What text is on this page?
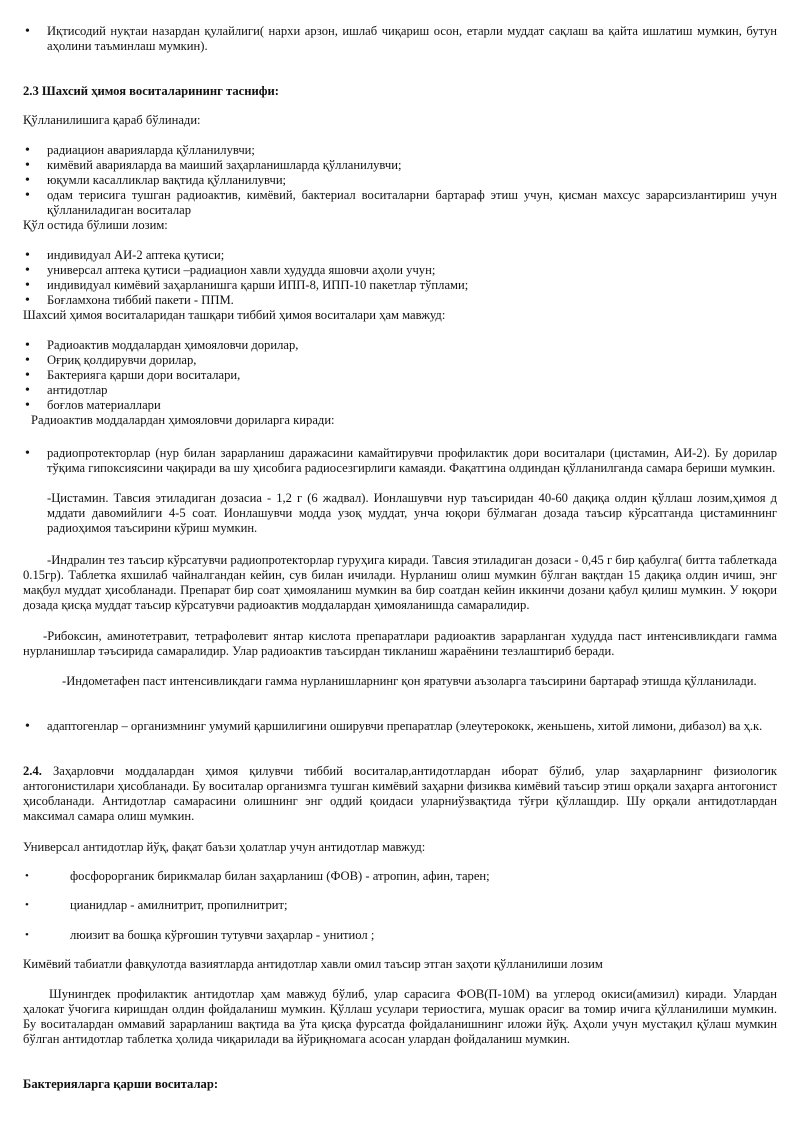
• Иқтисодий нуқтаи назардан қулайлиги( нархи арзон, ишлаб чиқариш осон, етарли муддат сақлаш ва қайта ишлатиш мумкин, бутун аҳолини таъминлаш мумкин).

2.3 Шахсий ҳимоя воситаларининг таснифи:
Қўлланилишига қараб бўлинади:

• радиацион аварияларда қўлланилувчи;

• кимёвий аварияларда ва маиший заҳарланишларда қўлланилувчи;

• юқумли касалликлар вақтида қўлланилувчи;

• одам терисига тушган радиоактив, кимёвий, бактериал воситаларни бартараф этиш учун, қисман махсус зарарсизлантириш учун қўлланиладиган воситалар

Қўл остида бўлиши лозим:

• индивидуал АИ-2 аптека қутиси;

• универсал аптека қутиси –радиацион хавли худудда яшовчи аҳоли учун;

• индивидуал кимёвий заҳарланишга қарши ИПП-8, ИПП-10 пакетлар тўплами;

• Боғламхона тиббий пакети - ППМ.

Шахсий ҳимоя воситаларидан ташқари тиббий ҳимоя воситалари ҳам мавжуд:

• Радиоактив моддалардан ҳимояловчи дорилар,

• Оғриқ қолдирувчи дорилар,

• Бактерияга қарши дори воситалари,

• антидотлар

• боғлов материаллари

Радиоактив моддалардан ҳимояловчи дориларга киради:

• радиопротекторлар (нур билан зарарланиш даражасини камайтирувчи профилактик дори воситалари (цистамин, АИ-2). Бу дорилар тўқима гипоксиясини чақиради ва шу ҳисобига радиосезгирлиги камаяди. Фақатгина олдиндан қўлланилганда самара бериши мумкин.

-Цистамин. Тавсия этиладиган дозасиа - 1,2 г (6 жадвал). Ионлашувчи нур таъсиридан 40-60 дақиқа олдин қўллаш лозим,ҳимоя д мддати давомийлиги 4-5 соат. Ионлашувчи модда узоқ муддат, унча юқори бўлмаган дозада таъсир кўрсатганда цистаминнинг радиоҳимоя таъсирини кўриш мумкин.

-Индралин тез таъсир кўрсатувчи радиопротекторлар гуруҳига киради. Тавсия этиладиган дозаси - 0,45 г бир қабулга( битта таблеткада 0.15гр). Таблетка яхшилаб чайналгандан кейин, сув билан ичилади. Нурланиш олиш мумкин бўлган вақтдан 15 дақиқа олдин ичиш, энг мақбул муддат ҳисобланади. Препарат бир соат ҳимояланиш мумкин ва бир соатдан кейин иккинчи дозани қабул қилиш мумкин. У юқори дозада қисқа муддат таъсир кўрсатувчи радиоактив моддалардан ҳимояланишда самаралидир.

-Рибоксин, аминотетравит, тетрафолевит янтар кислота препаратлари радиоактив зарарланган худудда паст интенсивликдаги гамма нурланишлар тәъсирида самаралидир. Улар радиоактив таъсирдан тикланиш жараёнини тезлаштириб беради.

-Индометафен паст интенсивликдаги гамма нурланишларнинг қон яратувчи аъзоларга таъсирини бартараф этишда қўлланилади.

• адаптогенлар – организмнинг умумий қаршилигини оширувчи препаратлар (элеутерококк, женьшень, хитой лимони, дибазол) ва ҳ.к.

2.4. Заҳарловчи моддалардан ҳимоя қилувчи тиббий воситалар,антидотлардан иборат бўлиб, улар заҳарларнинг физиологик антогонистилари ҳисобланади. Бу воситалар организмга тушган кимёвий заҳарни физиква кимёвий таъсир этиш орқали заҳарга антогонист ҳисобланади. Антидотлар самарасини олишнинг энг оддий қоидаси уларниўзвақтида тўғри қўллашдир. Шу орқали антидотлардан максимал самара олиш мумкин.

Универсал антидотлар йўқ, фақат баъзи ҳолатлар учун антидотлар мавжуд:

•	фосфорорганик бирикмалар билан заҳарланиш (ФОВ) - атропин, афин, тарен;

•	цианидлар - амилнитрит, пропилнитрит;

•	люизит ва бошқа кўрғошин тутувчи заҳарлар - унитиол ;

Кимёвий табиатли фавқулотда вазиятларда антидотлар хавли омил таъсир этган заҳоти қўлланилиши лозим

Шунингдек профилактик антидотлар ҳам мавжуд бўлиб, улар сарасига ФОВ(П-10М) ва углерод окиси(амизил) киради. Улардан ҳалокат ўчоғига киришдан олдин фойдаланиш мумкин. Қўллаш усулари териостига, мушак орасиг ва томир ичига қўлланилиши мумкин. Бу воситалардан оммавий зарарланиш вақтида ва ўта қисқа фурсатда фойдаланишнинг иложи йўқ. Аҳоли учун мустақил қўлаш мумкин бўлган антидотлар таблетка ҳолида чиқарилади ва йўриқномага асосан улардан фойдаланиш мумкин.

Бактерияларга қарши воситалар:
